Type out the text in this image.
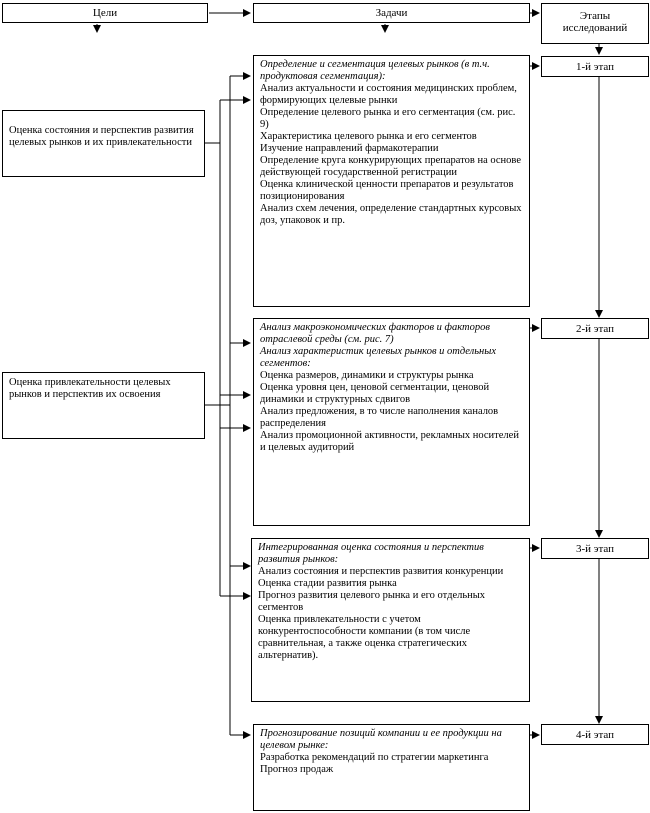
Цели	Задачи	Этапы исследований
Оценка состояния и перспектив развития целевых рынков и их привлекательности
Оценка привлекательности целевых рынков и перспектив их освоения
Определение и сегментация целевых рынков (в т.ч. продуктовая сегментация):
Анализ актуальности и состояния медицинских проблем, формирующих целевые рынки
Определение целевого рынка и его сегментация (см. рис. 9)
Характеристика целевого рынка и его сегментов
Изучение направлений фармакотерапии
Определение круга конкурирующих препаратов на основе действующей государственной регистрации
Оценка клинической ценности препаратов и результатов позиционирования
Анализ схем лечения, определение стандартных курсовых доз, упаковок и пр.
Анализ макроэкономических факторов и факторов отраслевой среды (см. рис. 7)
Анализ характеристик целевых рынков и отдельных сегментов:
Оценка размеров, динамики и структуры рынка
Оценка уровня цен, ценовой сегментации, ценовой динамики и структурных сдвигов
Анализ предложения, в то числе наполнения каналов распределения
Анализ промоционной активности, рекламных носителей и целевых аудиторий
Интегрированная оценка состояния и перспектив развития рынков:
Анализ состояния и перспектив развития конкуренции
Оценка стадии развития рынка
Прогноз развития целевого рынка и его отдельных сегментов
Оценка привлекательности с учетом конкурентоспособности компании (в том числе сравнительная, а также оценка стратегических альтернатив).
Прогнозирование позиций компании и ее продукции на целевом рынке:
Разработка рекомендаций по стратегии маркетинга
Прогноз продаж
1-й этап
2-й этап
3-й этап
4-й этап
